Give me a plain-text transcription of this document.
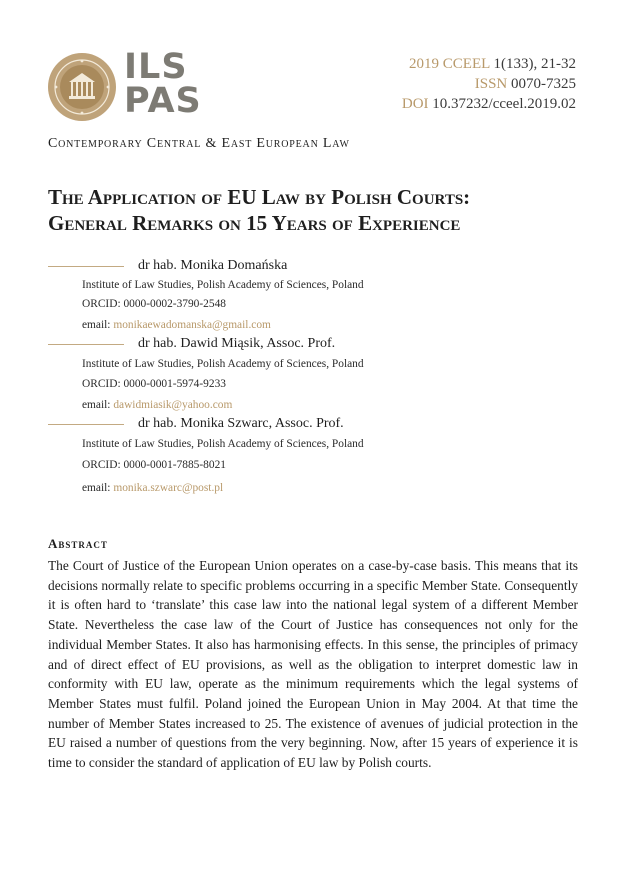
ILS
PAS
2019 CCEEL 1(133), 21-32
ISSN 0070-7325
DOI 10.37232/cceel.2019.02
Contemporary Central & East European Law
The Application of EU Law by Polish Courts:
General Remarks on 15 Years of Experience
dr hab. Monika Domańska
Institute of Law Studies, Polish Academy of Sciences, Poland
ORCID: 0000-0002-3790-2548
email: monikaewadomanska@gmail.com
dr hab. Dawid Miąsik, Assoc. Prof.
Institute of Law Studies, Polish Academy of Sciences, Poland
ORCID: 0000-0001-5974-9233
email: dawidmiasik@yahoo.com
dr hab. Monika Szwarc, Assoc. Prof.
Institute of Law Studies, Polish Academy of Sciences, Poland
ORCID: 0000-0001-7885-8021
email: monika.szwarc@post.pl
Abstract

The Court of Justice of the European Union operates on a case-by-case basis. This means that its decisions normally relate to specific problems occurring in a specific Member State. Consequently it is often hard to ‘translate’ this case law into the national legal system of a different Member State. Nevertheless the case law of the Court of Justice has consequences not only for the individual Member States. It also has harmonising effects. In this sense, the principles of primacy and of direct effect of EU provisions, as well as the obligation to interpret domestic law in conformity with EU law, operate as the minimum requirements which the legal systems of Member States must fulfil. Poland joined the European Union in May 2004. At that time the number of Member States increased to 25. The existence of avenues of judicial protection in the EU raised a number of questions from the very beginning. Now, after 15 years of experience it is time to consider the standard of application of EU law by Polish courts.
